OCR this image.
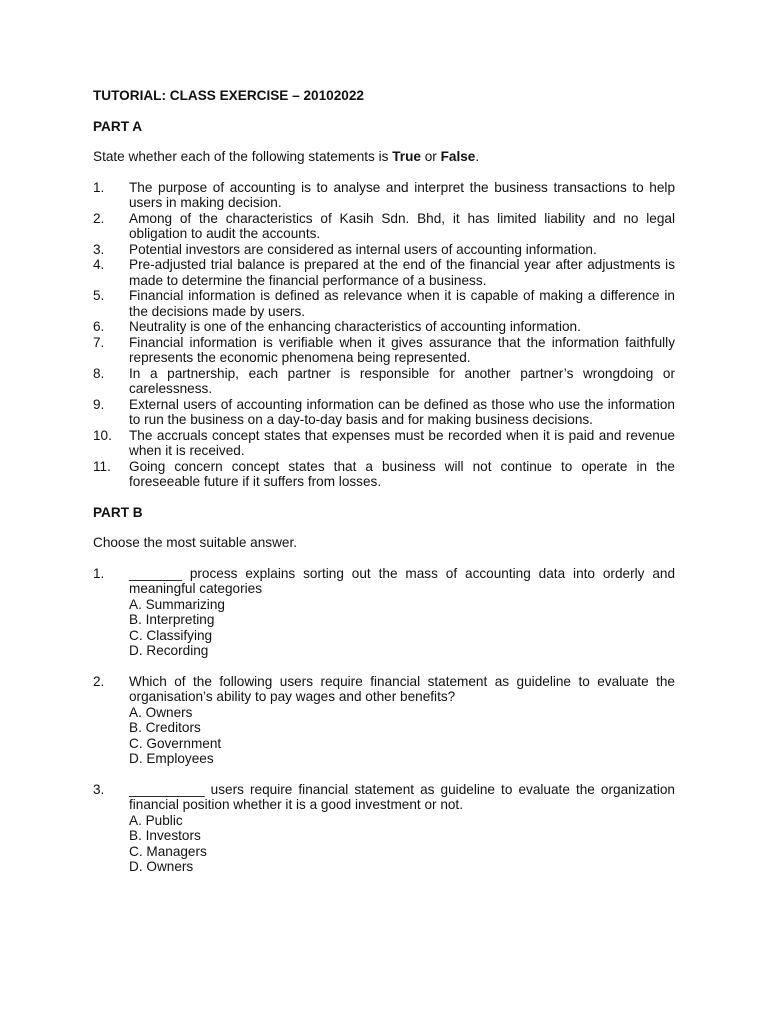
TUTORIAL: CLASS EXERCISE – 20102022

PART A

State whether each of the following statements is True or False.

1.	The purpose of accounting is to analyse and interpret the business transactions to help users in making decision.
2.	Among of the characteristics of Kasih Sdn. Bhd, it has limited liability and no legal obligation to audit the accounts.
3.	Potential investors are considered as internal users of accounting information.
4.	Pre-adjusted trial balance is prepared at the end of the financial year after adjustments is made to determine the financial performance of a business.
5.	Financial information is defined as relevance when it is capable of making a difference in the decisions made by users.
6.	Neutrality is one of the enhancing characteristics of accounting information.
7.	Financial information is verifiable when it gives assurance that the information faithfully represents the economic phenomena being represented.
8.	In a partnership, each partner is responsible for another partner’s wrongdoing or carelessness.
9.	External users of accounting information can be defined as those who use the information to run the business on a day-to-day basis and for making business decisions.
10.	The accruals concept states that expenses must be recorded when it is paid and revenue when it is received.
11.	Going concern concept states that a business will not continue to operate in the foreseeable future if it suffers from losses.

PART B

Choose the most suitable answer.

1.	_______ process explains sorting out the mass of accounting data into orderly and meaningful categories
A. Summarizing
B. Interpreting
C. Classifying
D. Recording
2.	Which of the following users require financial statement as guideline to evaluate the organisation’s ability to pay wages and other benefits?
A. Owners
B. Creditors
C. Government
D. Employees
3.	__________ users require financial statement as guideline to evaluate the organization financial position whether it is a good investment or not.
A. Public
B. Investors
C. Managers
D. Owners
